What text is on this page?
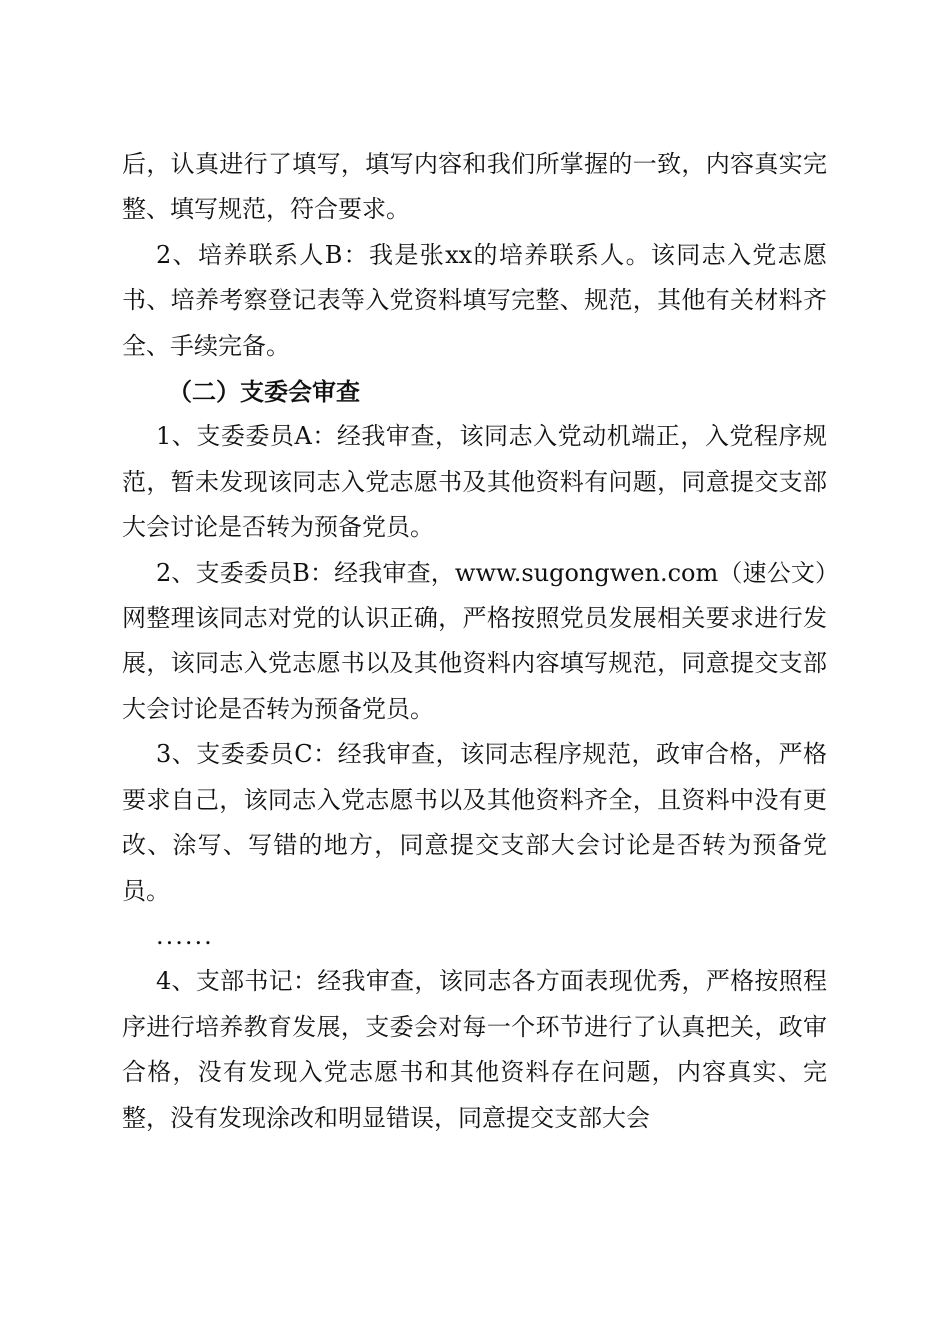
后，认真进行了填写，填写内容和我们所掌握的一致，内容真实完整、填写规范，符合要求。

2、培养联系人B：我是张xx的培养联系人。该同志入党志愿书、培养考察登记表等入党资料填写完整、规范，其他有关材料齐全、手续完备。

（二）支委会审查

1、支委委员A：经我审查，该同志入党动机端正，入党程序规范，暂未发现该同志入党志愿书及其他资料有问题，同意提交支部大会讨论是否转为预备党员。

2、支委委员B：经我审查，www.sugongwen.com（速公文）网整理该同志对党的认识正确，严格按照党员发展相关要求进行发展，该同志入党志愿书以及其他资料内容填写规范，同意提交支部大会讨论是否转为预备党员。

3、支委委员C：经我审查，该同志程序规范，政审合格，严格要求自己，该同志入党志愿书以及其他资料齐全，且资料中没有更改、涂写、写错的地方，同意提交支部大会讨论是否转为预备党员。

......

4、支部书记：经我审查，该同志各方面表现优秀，严格按照程序进行培养教育发展，支委会对每一个环节进行了认真把关，政审合格，没有发现入党志愿书和其他资料存在问题，内容真实、完整，没有发现涂改和明显错误，同意提交支部大会
